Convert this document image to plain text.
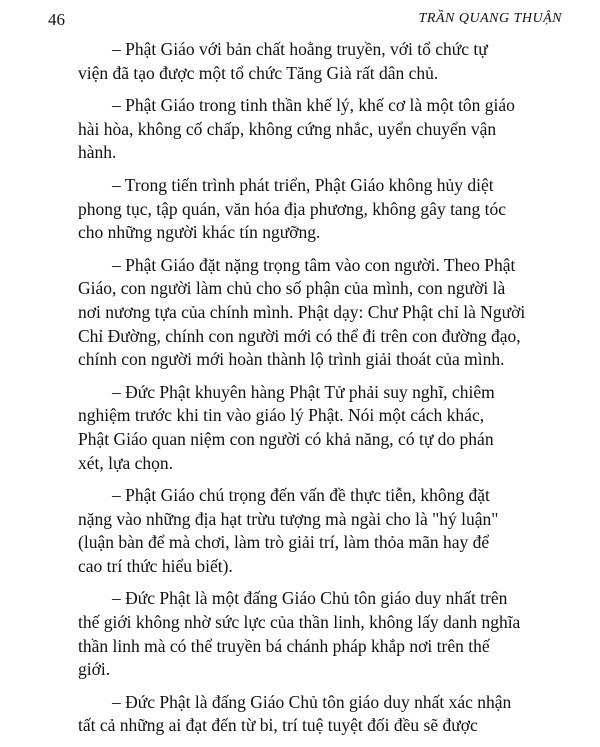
46	TRẦN QUANG THUẬN

– Phật Giáo với bản chất hoằng truyền, với tổ chức tự
viện đã tạo được một tổ chức Tăng Già rất dân chủ.

– Phật Giáo trong tinh thần khế lý, khế cơ là một tôn giáo
hài hòa, không cố chấp, không cứng nhắc, uyển chuyển vận
hành.

– Trong tiến trình phát triển, Phật Giáo không hủy diệt
phong tục, tập quán, văn hóa địa phương, không gây tang tóc
cho những người khác tín ngưỡng.

– Phật Giáo đặt nặng trọng tâm vào con người. Theo Phật
Giáo, con người làm chủ cho số phận của mình, con người là
nơi nương tựa của chính mình. Phật dạy: Chư Phật chỉ là Người
Chỉ Đường, chính con người mới có thể đi trên con đường đạo,
chính con người mới hoàn thành lộ trình giải thoát của mình.

– Đức Phật khuyên hàng Phật Tử phải suy nghĩ, chiêm
nghiệm trước khi tin vào giáo lý Phật. Nói một cách khác,
Phật Giáo quan niệm con người có khả năng, có tự do phán
xét, lựa chọn.

– Phật Giáo chú trọng đến vấn đề thực tiễn, không đặt
nặng vào những địa hạt trừu tượng mà ngài cho là "hý luận"
(luận bàn để mà chơi, làm trò giải trí, làm thỏa mãn hay để
cao trí thức hiểu biết).

– Đức Phật là một đấng Giáo Chủ tôn giáo duy nhất trên
thế giới không nhờ sức lực của thần linh, không lấy danh nghĩa
thần linh mà có thể truyền bá chánh pháp khắp nơi trên thế
giới.

– Đức Phật là đấng Giáo Chủ tôn giáo duy nhất xác nhận
tất cả những ai đạt đến từ bi, trí tuệ tuyệt đối đều sẽ được
